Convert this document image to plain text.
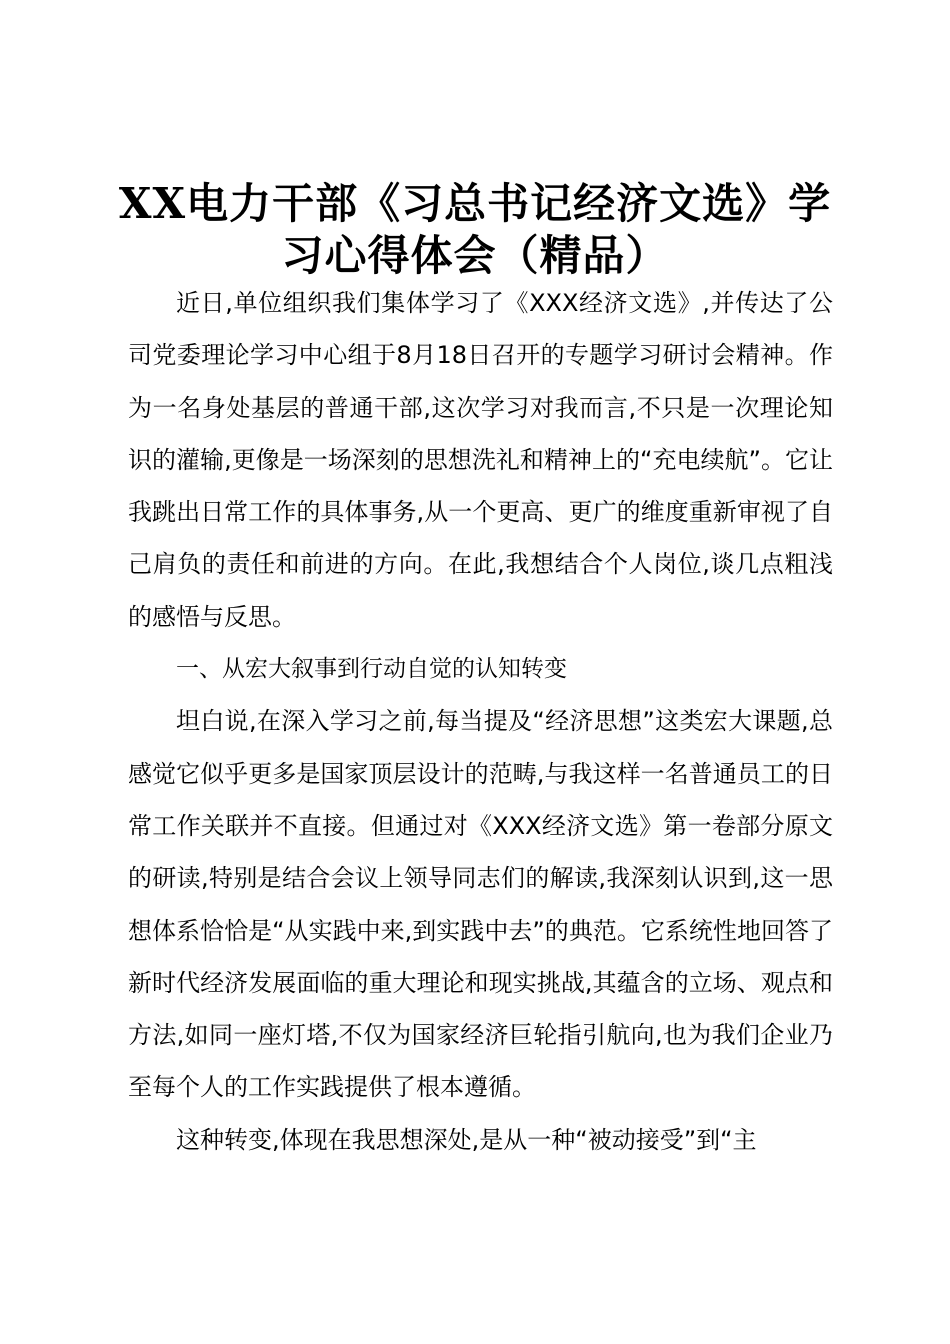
XX电力干部《习总书记经济文选》学
习心得体会（精品）

近日,单位组织我们集体学习了《XXX经济文选》,并传达了公司党委理论学习中心组于8月18日召开的专题学习研讨会精神。作为一名身处基层的普通干部,这次学习对我而言,不只是一次理论知识的灌输,更像是一场深刻的思想洗礼和精神上的“充电续航”。它让我跳出日常工作的具体事务,从一个更高、更广的维度重新审视了自己肩负的责任和前进的方向。在此,我想结合个人岗位,谈几点粗浅的感悟与反思。

一、从宏大叙事到行动自觉的认知转变

坦白说,在深入学习之前,每当提及“经济思想”这类宏大课题,总感觉它似乎更多是国家顶层设计的范畴,与我这样一名普通员工的日常工作关联并不直接。但通过对《XXX经济文选》第一卷部分原文的研读,特别是结合会议上领导同志们的解读,我深刻认识到,这一思想体系恰恰是“从实践中来,到实践中去”的典范。它系统性地回答了新时代经济发展面临的重大理论和现实挑战,其蕴含的立场、观点和方法,如同一座灯塔,不仅为国家经济巨轮指引航向,也为我们企业乃至每个人的工作实践提供了根本遵循。

这种转变,体现在我思想深处,是从一种“被动接受”到“主
